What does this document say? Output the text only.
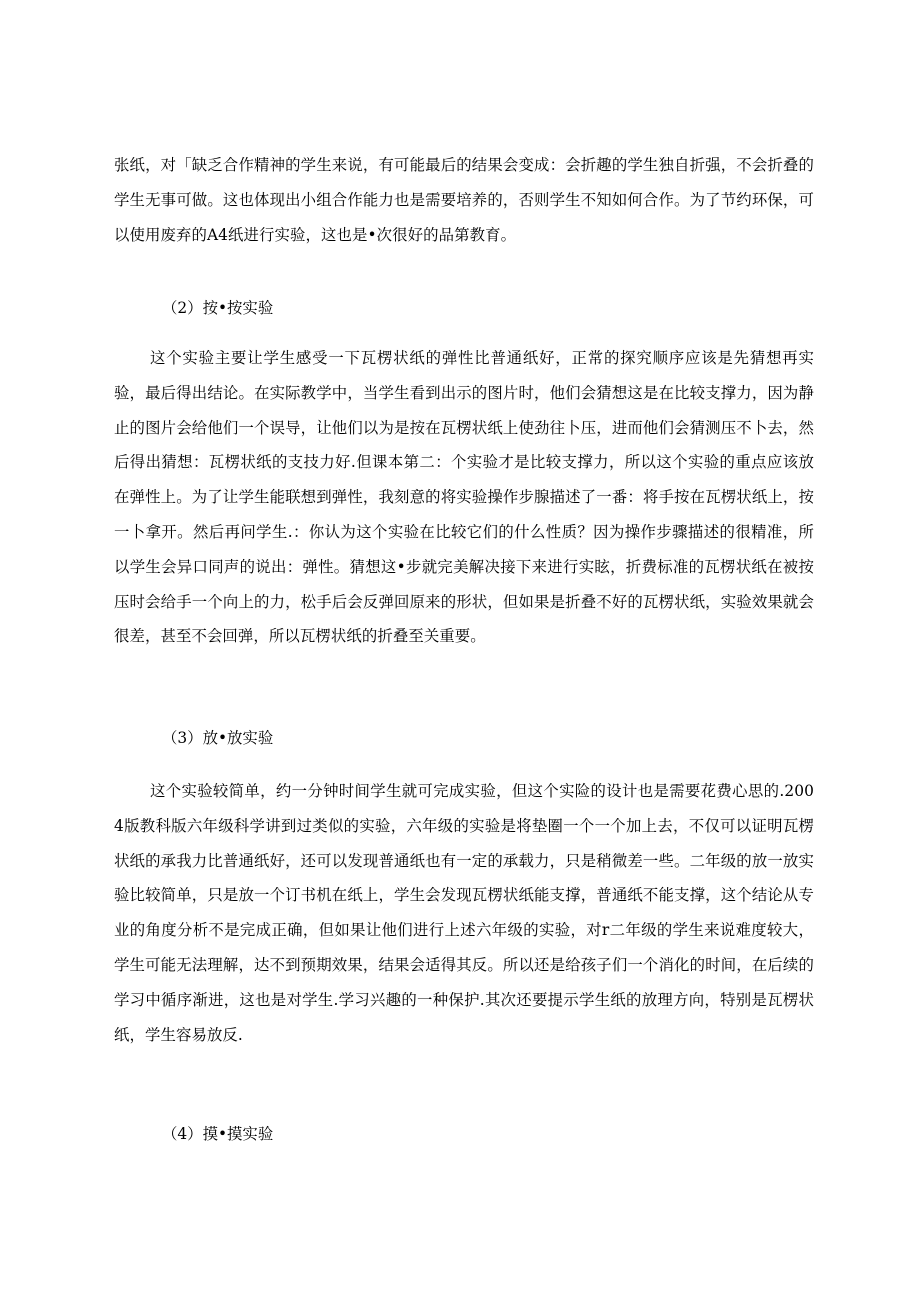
张纸，对「缺乏合作精神的学生来说，有可能最后的结果会变成：会折趣的学生独自折强，不会折叠的学生无事可做。这也体现出小组合作能力也是需要培养的，否则学生不知如何合作。为了节约环保，可以使用废弃的A4纸进行实验，这也是•次很好的品第教育。

（2）按•按实验

这个实验主要让学生感受一下瓦楞状纸的弹性比普通纸好，正常的探究顺序应该是先猜想再实验，最后得出结论。在实际教学中，当学生看到出示的图片时，他们会猜想这是在比较支撑力，因为静止的图片会给他们一个误导，让他们以为是按在瓦楞状纸上使劲往卜压，进而他们会猜测压不卜去，然后得出猜想：瓦楞状纸的支技力好.但课本第二：个实验才是比较支撑力，所以这个实验的重点应该放在弹性上。为了让学生能联想到弹性，我刻意的将实验操作步腺描述了一番：将手按在瓦楞状纸上，按一卜拿开。然后再问学生.：你认为这个实验在比较它们的什么性质？因为操作步骤描述的很精准，所以学生会异口同声的说出：弹性。猜想这•步就完美解决接下来进行实眩，折费标准的瓦楞状纸在被按压时会给手一个向上的力，松手后会反弹回原来的形状，但如果是折叠不好的瓦楞状纸，实验效果就会很差，甚至不会回弹，所以瓦楞状纸的折叠至关重要。

（3）放•放实验

这个实验较简单，约一分钟时间学生就可完成实验，但这个实险的设计也是需要花费心思的.2004版教科版六年级科学讲到过类似的实验，六年级的实验是将垫圈一个一个加上去，不仅可以证明瓦楞状纸的承我力比普通纸好，还可以发现普通纸也有一定的承载力，只是稍微差一些。二年级的放一放实验比较简单，只是放一个订书机在纸上，学生会发现瓦楞状纸能支撑，普通纸不能支撑，这个结论从专业的角度分析不是完成正确，但如果让他们进行上述六年级的实验，对r二年级的学生来说难度较大，学生可能无法理解，达不到预期效果，结果会适得其反。所以还是给孩子们一个消化的时间，在后续的学习中循序渐进，这也是对学生.学习兴趣的一种保护.其次还要提示学生纸的放理方向，特别是瓦楞状纸，学生容易放反.

（4）摸•摸实验
